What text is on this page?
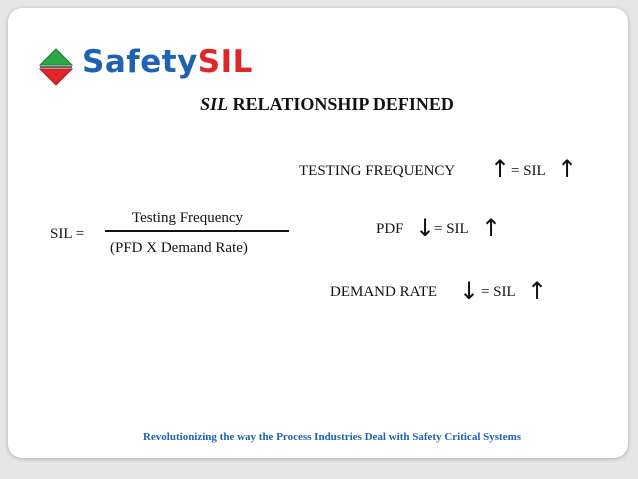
SafetySIL
SIL RELATIONSHIP DEFINED
SIL =
Testing Frequency
(PFD X Demand Rate)
TESTING FREQUENCY ↑ = SIL ↑
PDF ↓
= SIL ↑
DEMAND RATE ↓ = SIL ↑
Revolutionizing the way the Process Industries Deal with Safety Critical Systems
